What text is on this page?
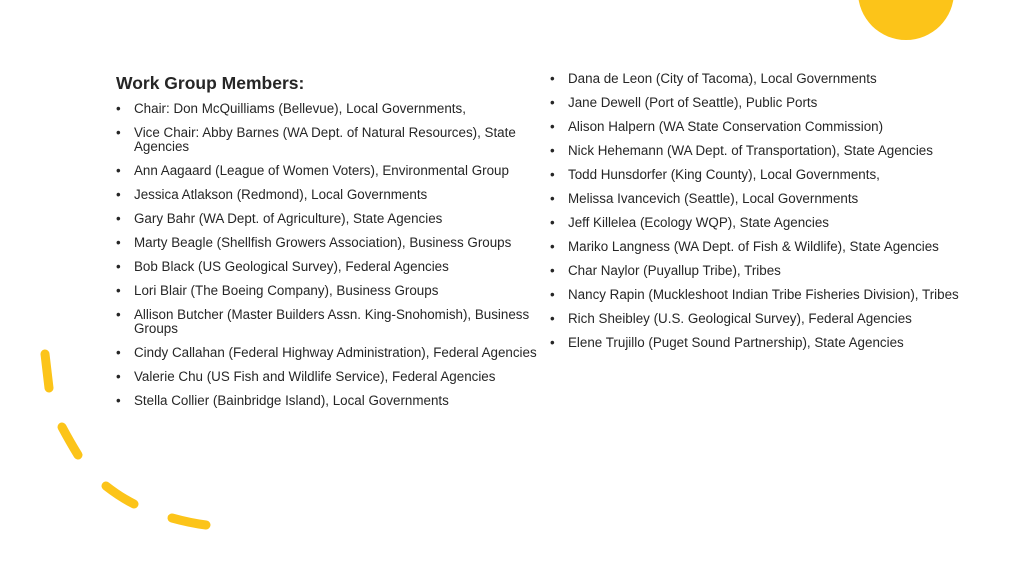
Work Group Members:
• Chair: Don McQuilliams (Bellevue), Local Governments,
• Vice Chair: Abby Barnes (WA Dept. of Natural Resources), State Agencies
• Ann Aagaard (League of Women Voters), Environmental Group
• Jessica Atlakson (Redmond), Local Governments
• Gary Bahr (WA Dept. of Agriculture), State Agencies
• Marty Beagle (Shellfish Growers Association), Business Groups
• Bob Black (US Geological Survey), Federal Agencies
• Lori Blair (The Boeing Company), Business Groups
• Allison Butcher (Master Builders Assn. King-Snohomish), Business Groups
• Cindy Callahan (Federal Highway Administration), Federal Agencies
• Valerie Chu (US Fish and Wildlife Service), Federal Agencies
• Stella Collier (Bainbridge Island), Local Governments
• Dana de Leon (City of Tacoma), Local Governments
• Jane Dewell (Port of Seattle), Public Ports
• Alison Halpern (WA State Conservation Commission)
• Nick Hehemann (WA Dept. of Transportation), State Agencies
• Todd Hunsdorfer (King County), Local Governments,
• Melissa Ivancevich (Seattle), Local Governments
• Jeff Killelea (Ecology WQP), State Agencies
• Mariko Langness (WA Dept. of Fish & Wildlife), State Agencies
• Char Naylor (Puyallup Tribe), Tribes
• Nancy Rapin (Muckleshoot Indian Tribe Fisheries Division), Tribes
• Rich Sheibley (U.S. Geological Survey), Federal Agencies
• Elene Trujillo (Puget Sound Partnership), State Agencies
